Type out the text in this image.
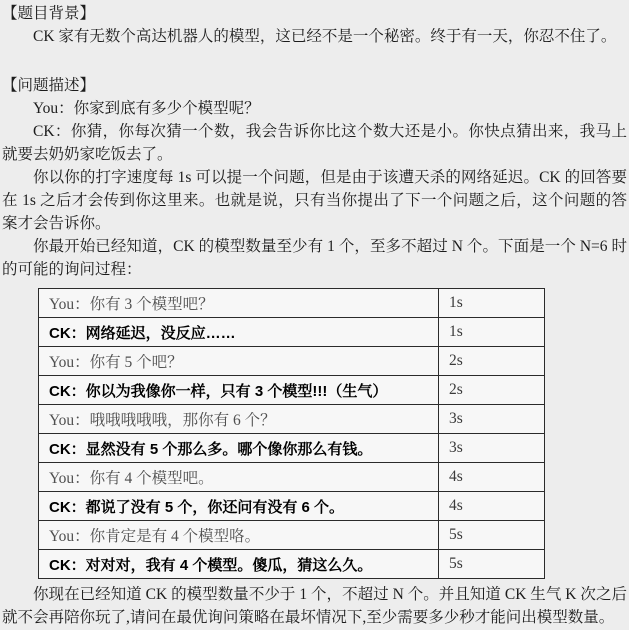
【题目背景】

CK 家有无数个高达机器人的模型，这已经不是一个秘密。终于有一天，你忍不住了。

【问题描述】

You：你家到底有多少个模型呢？

CK：你猜，你每次猜一个数，我会告诉你比这个数大还是小。你快点猜出来，我马上就要去奶奶家吃饭去了。

你以你的打字速度每 1s 可以提一个问题，但是由于该遭天杀的网络延迟。CK 的回答要在 1s 之后才会传到你这里来。也就是说，只有当你提出了下一个问题之后，这个问题的答案才会告诉你。

你最开始已经知道，CK 的模型数量至少有 1 个，至多不超过 N 个。下面是一个 N=6 时的可能的询问过程：

You：你有 3 个模型吧？	1s
CK：网络延迟，没反应……	1s
You：你有 5 个吧？	2s
CK：你以为我像你一样，只有 3 个模型!!!（生气）	2s
You：哦哦哦哦哦，那你有 6 个？	3s
CK：显然没有 5 个那么多。哪个像你那么有钱。	3s
You：你有 4 个模型吧。	4s
CK：都说了没有 5 个，你还问有没有 6 个。	4s
You：你肯定是有 4 个模型咯。	5s
CK：对对对，我有 4 个模型。傻瓜，猜这么久。	5s

你现在已经知道 CK 的模型数量不少于 1 个，不超过 N 个。并且知道 CK 生气 K 次之后就不会再陪你玩了,请问在最优询问策略在最坏情况下,至少需要多少秒才能问出模型数量。
